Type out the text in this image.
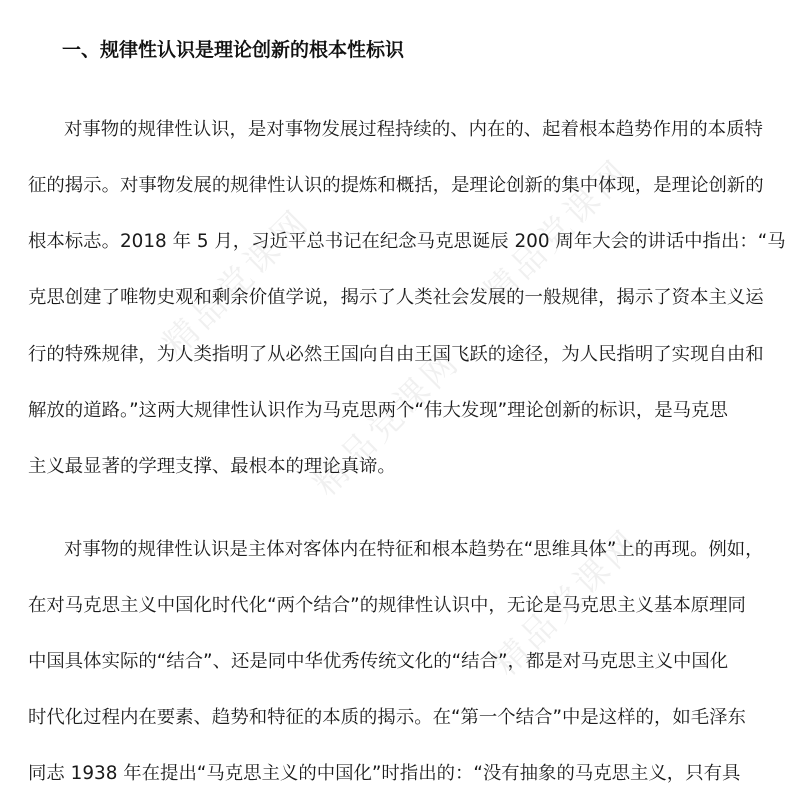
精品党课网	精品党课网
精品党课网
精品党课网
一、规律性认识是理论创新的根本性标识
对事物的规律性认识，是对事物发展过程持续的、内在的、起着根本趋势作用的本质特
征的揭示。对事物发展的规律性认识的提炼和概括，是理论创新的集中体现，是理论创新的
根本标志。2018 年 5 月，习近平总书记在纪念马克思诞辰 200 周年大会的讲话中指出：“马
克思创建了唯物史观和剩余价值学说，揭示了人类社会发展的一般规律，揭示了资本主义运
行的特殊规律，为人类指明了从必然王国向自由王国飞跃的途径，为人民指明了实现自由和
解放的道路。”这两大规律性认识作为马克思两个“伟大发现”理论创新的标识，是马克思
主义最显著的学理支撑、最根本的理论真谛。
对事物的规律性认识是主体对客体内在特征和根本趋势在“思维具体”上的再现。例如，
在对马克思主义中国化时代化“两个结合”的规律性认识中，无论是马克思主义基本原理同
中国具体实际的“结合”、还是同中华优秀传统文化的“结合”，都是对马克思主义中国化
时代化过程内在要素、趋势和特征的本质的揭示。在“第一个结合”中是这样的，如毛泽东
同志 1938 年在提出“马克思主义的中国化”时指出的：“没有抽象的马克思主义，只有具
